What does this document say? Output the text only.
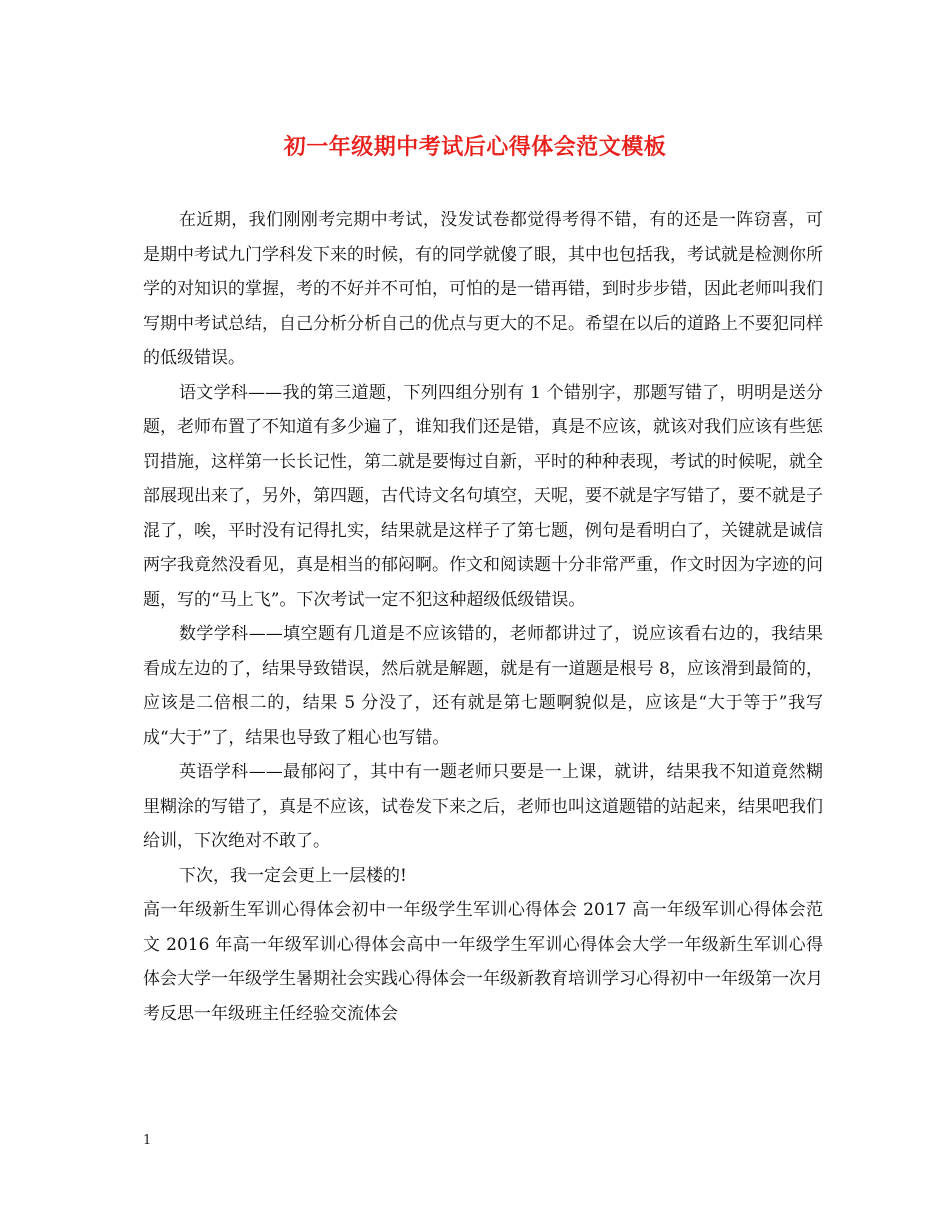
初一年级期中考试后心得体会范文模板

在近期，我们刚刚考完期中考试，没发试卷都觉得考得不错，有的还是一阵窃喜，可是期中考试九门学科发下来的时候，有的同学就傻了眼，其中也包括我，考试就是检测你所学的对知识的掌握，考的不好并不可怕，可怕的是一错再错，到时步步错，因此老师叫我们写期中考试总结，自己分析分析自己的优点与更大的不足。希望在以后的道路上不要犯同样的低级错误。

语文学科——我的第三道题，下列四组分别有 1 个错别字，那题写错了，明明是送分题，老师布置了不知道有多少遍了，谁知我们还是错，真是不应该，就该对我们应该有些惩罚措施，这样第一长长记性，第二就是要悔过自新，平时的种种表现，考试的时候呢，就全部展现出来了，另外，第四题，古代诗文名句填空，天呢，要不就是字写错了，要不就是子混了，唉，平时没有记得扎实，结果就是这样子了第七题，例句是看明白了，关键就是诚信两字我竟然没看见，真是相当的郁闷啊。作文和阅读题十分非常严重，作文时因为字迹的问题，写的“马上飞”。下次考试一定不犯这种超级低级错误。

数学学科——填空题有几道是不应该错的，老师都讲过了，说应该看右边的，我结果看成左边的了，结果导致错误，然后就是解题，就是有一道题是根号 8，应该滑到最简的，应该是二倍根二的，结果 5 分没了，还有就是第七题啊貌似是，应该是“大于等于”我写成“大于”了，结果也导致了粗心也写错。

英语学科——最郁闷了，其中有一题老师只要是一上课，就讲，结果我不知道竟然糊里糊涂的写错了，真是不应该，试卷发下来之后，老师也叫这道题错的站起来，结果吧我们给训，下次绝对不敢了。

下次，我一定会更上一层楼的!

高一年级新生军训心得体会初中一年级学生军训心得体会 2017 高一年级军训心得体会范文 2016 年高一年级军训心得体会高中一年级学生军训心得体会大学一年级新生军训心得体会大学一年级学生暑期社会实践心得体会一年级新教育培训学习心得初中一年级第一次月考反思一年级班主任经验交流体会

1
